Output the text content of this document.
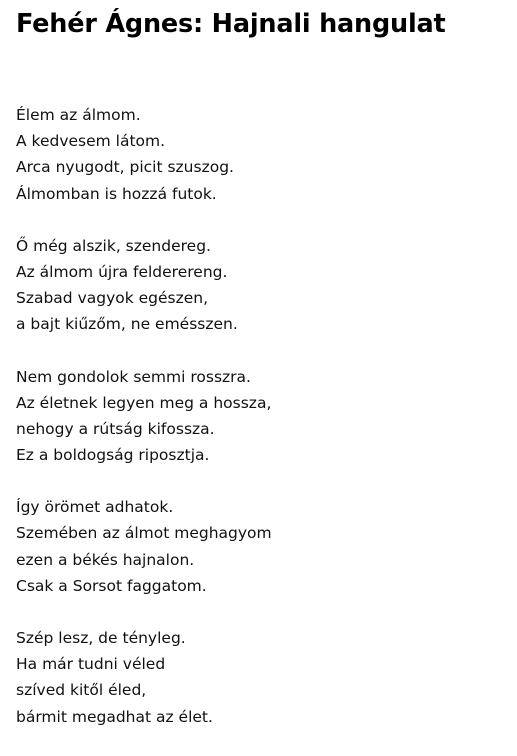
Fehér Ágnes: Hajnali hangulat
Élem az álmom.
A kedvesem látom.
Arca nyugodt, picit szuszog.
Álmomban is hozzá futok.
Ő még alszik, szendereg.
Az álmom újra felderereng.
Szabad vagyok egészen,
a bajt kiűzőm, ne emésszen.
Nem gondolok semmi rosszra.
Az életnek legyen meg a hossza,
nehogy a rútság kifossza.
Ez a boldogság riposztja.
Így örömet adhatok.
Szemében az álmot meghagyom
ezen a békés hajnalon.
Csak a Sorsot faggatom.
Szép lesz, de tényleg.
Ha már tudni véled
szíved kitől éled,
bármit megadhat az élet.
